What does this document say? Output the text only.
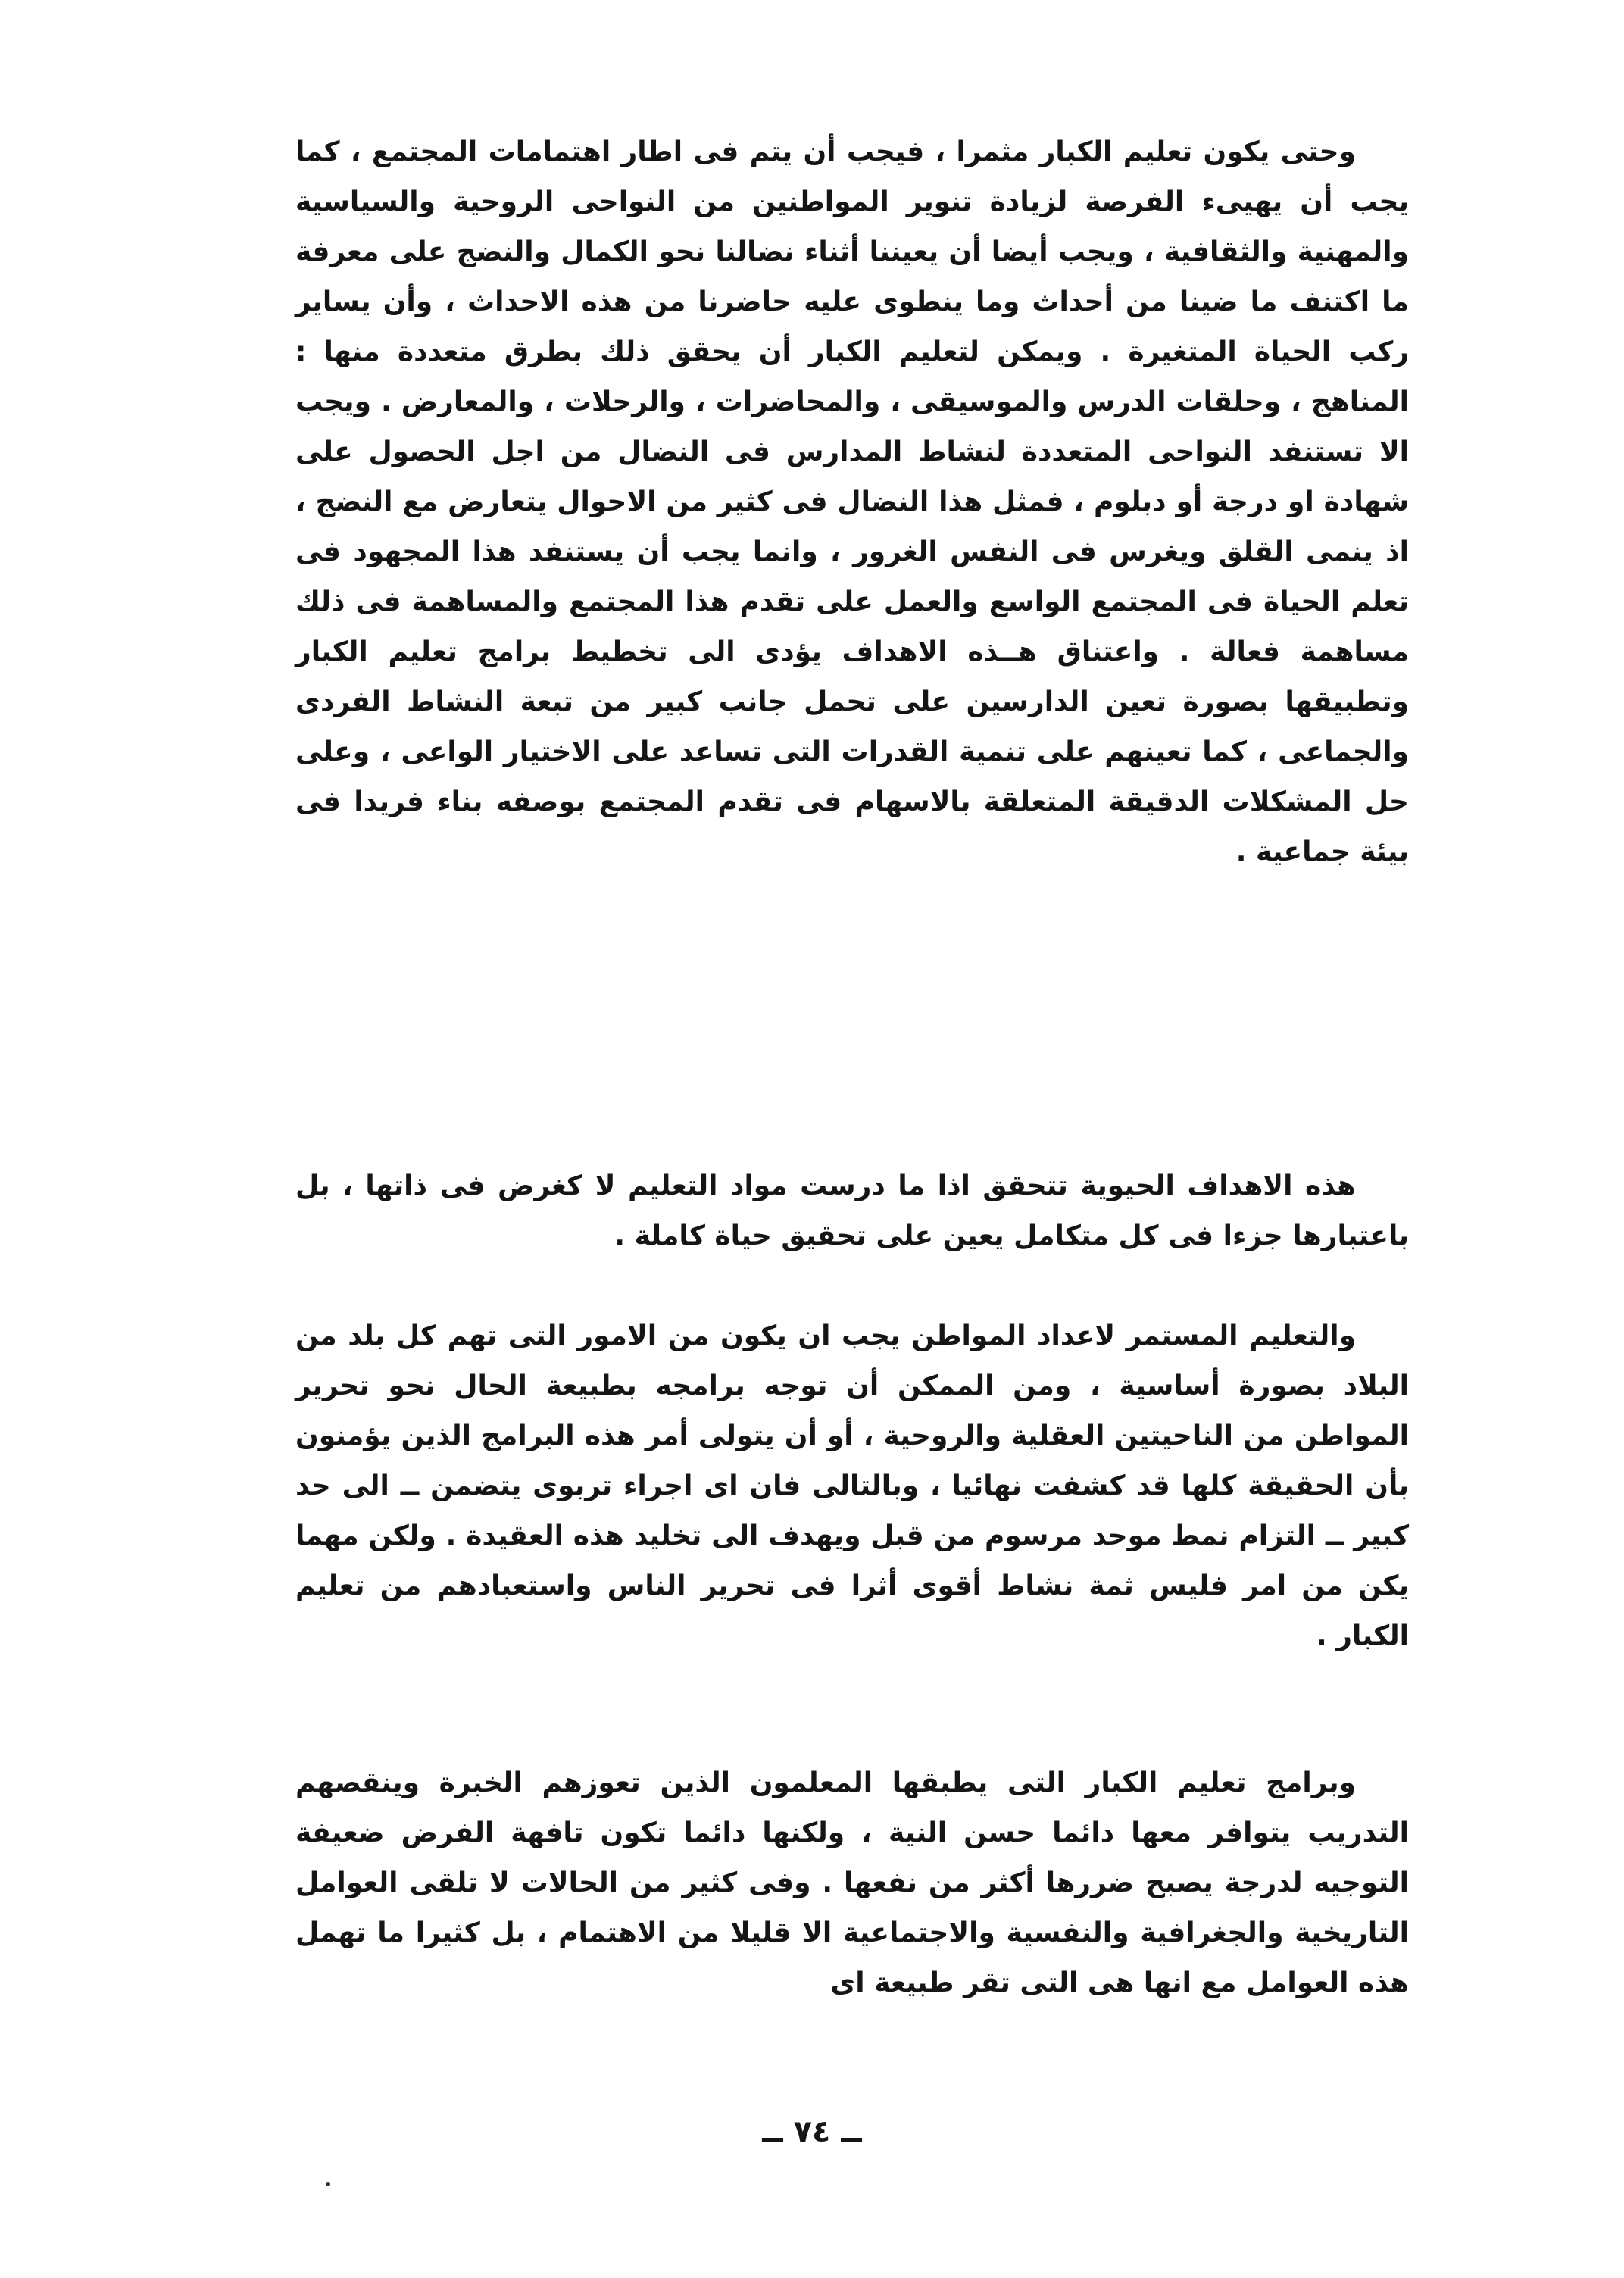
وحتى يكون تعليم الكبار مثمرا ، فيجب أن يتم فى اطار اهتمامات المجتمع ، كما يجب أن يهيىء الفرصة لزيادة تنوير المواطنين من النواحى الروحية والسياسية والمهنية والثقافية ، ويجب أيضا أن يعيننا أثناء نضالنا نحو الكمال والنضج على معرفة ما اكتنف ما ضينا من أحداث وما ينطوى عليه حاضرنا من هذه الاحداث ، وأن يساير ركب الحياة المتغيرة . ويمكن لتعليم الكبار أن يحقق ذلك بطرق متعددة منها : المناهج ، وحلقات الدرس والموسيقى ، والمحاضرات ، والرحلات ، والمعارض . ويجب الا تستنفد النواحى المتعددة لنشاط المدارس فى النضال من اجل الحصول على شهادة او درجة أو دبلوم ، فمثل هذا النضال فى كثير من الاحوال يتعارض مع النضج ، اذ ينمى القلق ويغرس فى النفس الغرور ، وانما يجب أن يستنفد هذا المجهود فى تعلم الحياة فى المجتمع الواسع والعمل على تقدم هذا المجتمع والمساهمة فى ذلك مساهمة فعالة . واعتناق هــذه الاهداف يؤدى الى تخطيط برامج تعليم الكبار وتطبيقها بصورة تعين الدارسين على تحمل جانب كبير من تبعة النشاط الفردى والجماعى ، كما تعينهم على تنمية القدرات التى تساعد على الاختيار الواعى ، وعلى حل المشكلات الدقيقة المتعلقة بالاسهام فى تقدم المجتمع بوصفه بناء فريدا فى بيئة جماعية .

هذه الاهداف الحيوية تتحقق اذا ما درست مواد التعليم لا كغرض فى ذاتها ، بل باعتبارها جزءا فى كل متكامل يعين على تحقيق حياة كاملة .

والتعليم المستمر لاعداد المواطن يجب ان يكون من الامور التى تهم كل بلد من البلاد بصورة أساسية ، ومن الممكن أن توجه برامجه بطبيعة الحال نحو تحرير المواطن من الناحيتين العقلية والروحية ، أو أن يتولى أمر هذه البرامج الذين يؤمنون بأن الحقيقة كلها قد كشفت نهائيا ، وبالتالى فان اى اجراء تربوى يتضمن ــ الى حد كبير ــ التزام نمط موحد مرسوم من قبل ويهدف الى تخليد هذه العقيدة . ولكن مهما يكن من امر فليس ثمة نشاط أقوى أثرا فى تحرير الناس واستعبادهم من تعليم الكبار .

وبرامج تعليم الكبار التى يطبقها المعلمون الذين تعوزهم الخبرة وينقصهم التدريب يتوافر معها دائما حسن النية ، ولكنها دائما تكون تافهة الفرض ضعيفة التوجيه لدرجة يصبح ضررها أكثر من نفعها . وفى كثير من الحالات لا تلقى العوامل التاريخية والجغرافية والنفسية والاجتماعية الا قليلا من الاهتمام ، بل كثيرا ما تهمل هذه العوامل مع انها هى التى تقر طبيعة اى

ــ ٧٤ ــ
